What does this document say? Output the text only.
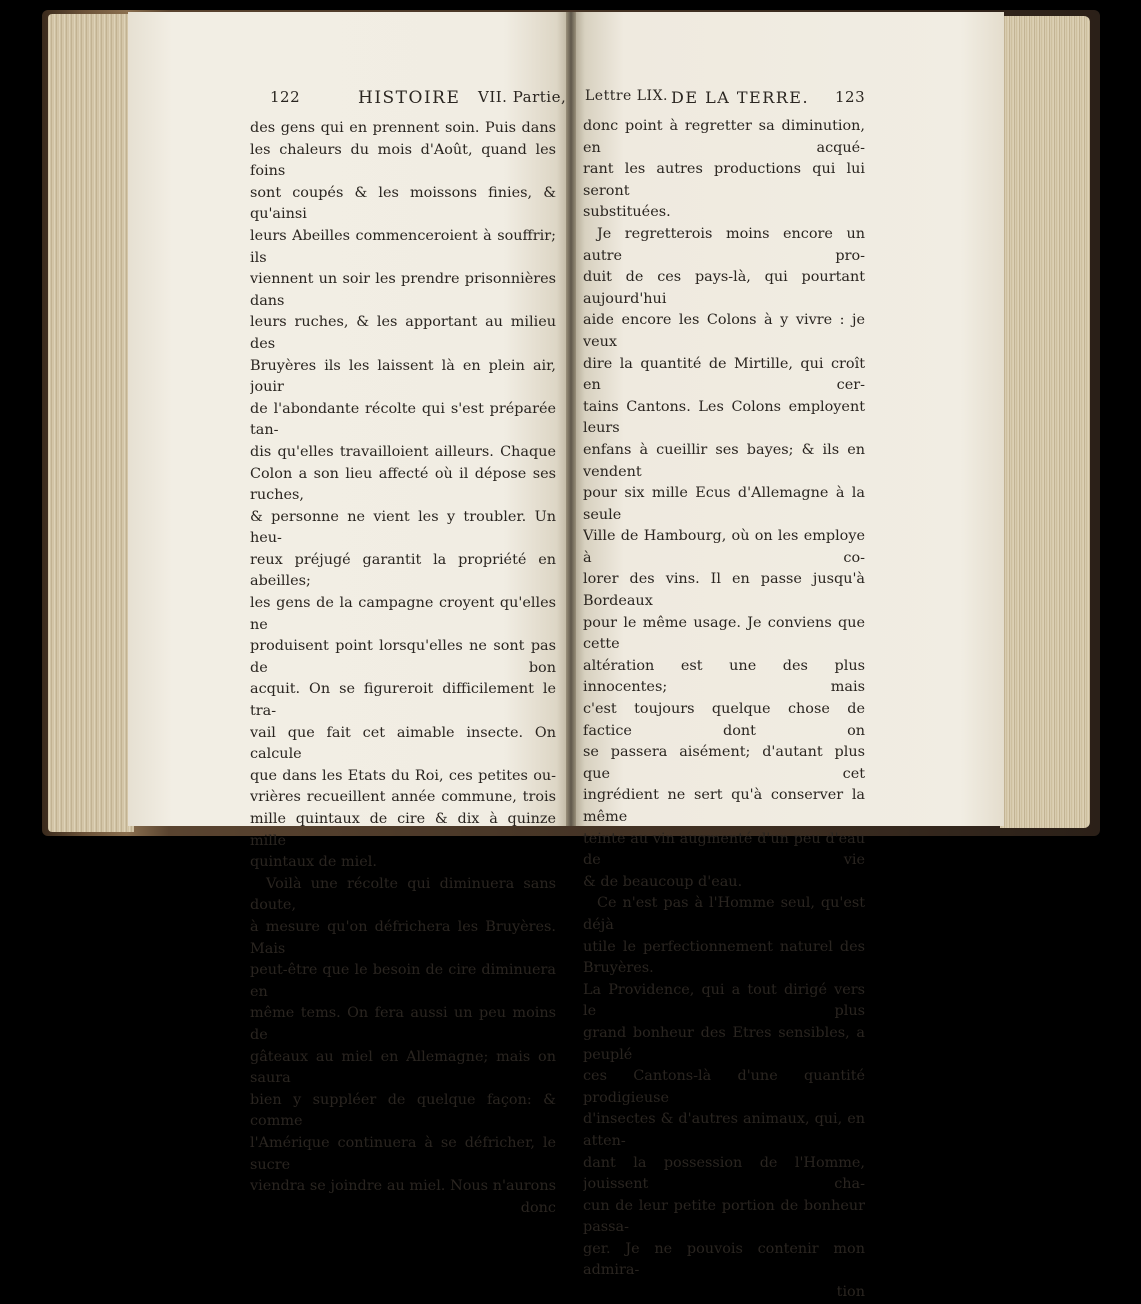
122	HISTOIRE VII. Partie, Lettre LIX. DE LA TERRE. 123
des gens qui en prennent soin. Puis dans
les chaleurs du mois d'Août, quand les foins
sont coupés & les moissons finies, & qu'ainsi
leurs Abeilles commenceroient à souffrir; ils
viennent un soir les prendre prisonnières dans
leurs ruches, & les apportant au milieu des
Bruyères ils les laissent là en plein air, jouir
de l'abondante récolte qui s'est préparée tan-
dis qu'elles travailloient ailleurs. Chaque
Colon a son lieu affecté où il dépose ses ruches,
& personne ne vient les y troubler. Un heu-
reux préjugé garantit la propriété en abeilles;
les gens de la campagne croyent qu'elles ne
produisent point lorsqu'elles ne sont pas de bon
acquit. On se figureroit difficilement le tra-
vail que fait cet aimable insecte. On calcule
que dans les Etats du Roi, ces petites ou-
vrières recueillent année commune, trois
mille quintaux de cire & dix à quinze mille
quintaux de miel.
Voilà une récolte qui diminuera sans doute,
à mesure qu'on défrichera les Bruyères. Mais
peut-être que le besoin de cire diminuera en
même tems. On fera aussi un peu moins de
gâteaux au miel en Allemagne; mais on saura
bien y suppléer de quelque façon: & comme
l'Amérique continuera à se défricher, le sucre
viendra se joindre au miel. Nous n'aurons
donc
donc point à regretter sa diminution, en acqué-
rant les autres productions qui lui seront
substituées.
Je regretterois moins encore un autre pro-
duit de ces pays-là, qui pourtant aujourd'hui
aide encore les Colons à y vivre : je veux
dire la quantité de Mirtille, qui croît en cer-
tains Cantons. Les Colons employent leurs
enfans à cueillir ses bayes; & ils en vendent
pour six mille Ecus d'Allemagne à la seule
Ville de Hambourg, où on les employe à co-
lorer des vins. Il en passe jusqu'à Bordeaux
pour le même usage. Je conviens que cette
altération est une des plus innocentes; mais
c'est toujours quelque chose de factice dont on
se passera aisément; d'autant plus que cet
ingrédient ne sert qu'à conserver la même
teinte au vin augmenté d'un peu d'eau de vie
& de beaucoup d'eau.
Ce n'est pas à l'Homme seul, qu'est déjà
utile le perfectionnement naturel des Bruyères.
La Providence, qui a tout dirigé vers le plus
grand bonheur des Etres sensibles, a peuplé
ces Cantons-là d'une quantité prodigieuse
d'insectes & d'autres animaux, qui, en atten-
dant la possession de l'Homme, jouissent cha-
cun de leur petite portion de bonheur passa-
ger. Je ne pouvois contenir mon admira-
tion
